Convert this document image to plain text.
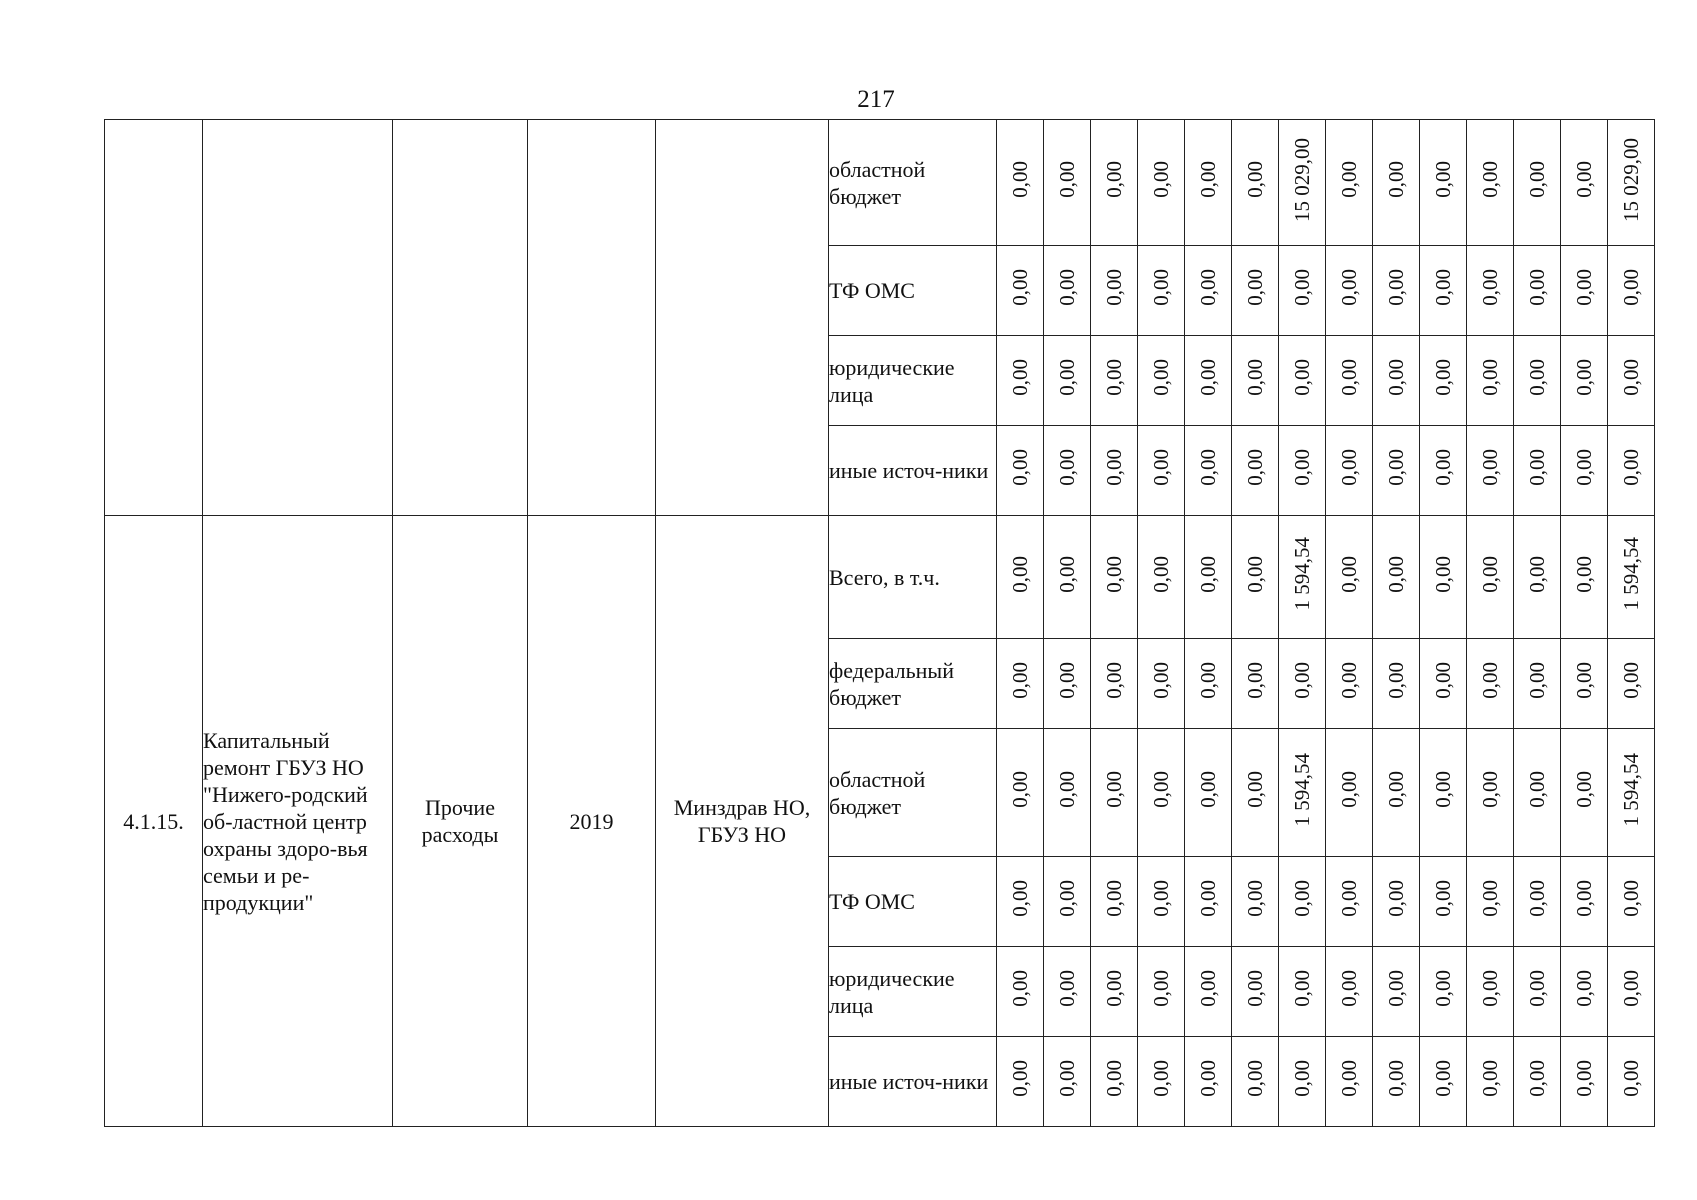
217
					областной бюджет	0,00	0,00	0,00	0,00	0,00	0,00	15 029,00	0,00	0,00	0,00	0,00	0,00	0,00	15 029,00
					ТФ ОМС	0,00	0,00	0,00	0,00	0,00	0,00	0,00	0,00	0,00	0,00	0,00	0,00	0,00	0,00
					юридические лица	0,00	0,00	0,00	0,00	0,00	0,00	0,00	0,00	0,00	0,00	0,00	0,00	0,00	0,00
					иные источ-ники	0,00	0,00	0,00	0,00	0,00	0,00	0,00	0,00	0,00	0,00	0,00	0,00	0,00	0,00
4.1.15.	Капитальный ремонт ГБУЗ НО "Нижего-родский об-ластной центр охраны здоро-вья семьи и ре-продукции"	Прочие расходы	2019	Минздрав НО, ГБУЗ НО	Всего, в т.ч.	0,00	0,00	0,00	0,00	0,00	0,00	1 594,54	0,00	0,00	0,00	0,00	0,00	0,00	1 594,54
					федеральный бюджет	0,00	0,00	0,00	0,00	0,00	0,00	0,00	0,00	0,00	0,00	0,00	0,00	0,00	0,00
					областной бюджет	0,00	0,00	0,00	0,00	0,00	0,00	1 594,54	0,00	0,00	0,00	0,00	0,00	0,00	1 594,54
					ТФ ОМС	0,00	0,00	0,00	0,00	0,00	0,00	0,00	0,00	0,00	0,00	0,00	0,00	0,00	0,00
					юридические лица	0,00	0,00	0,00	0,00	0,00	0,00	0,00	0,00	0,00	0,00	0,00	0,00	0,00	0,00
					иные источ-ники	0,00	0,00	0,00	0,00	0,00	0,00	0,00	0,00	0,00	0,00	0,00	0,00	0,00	0,00
